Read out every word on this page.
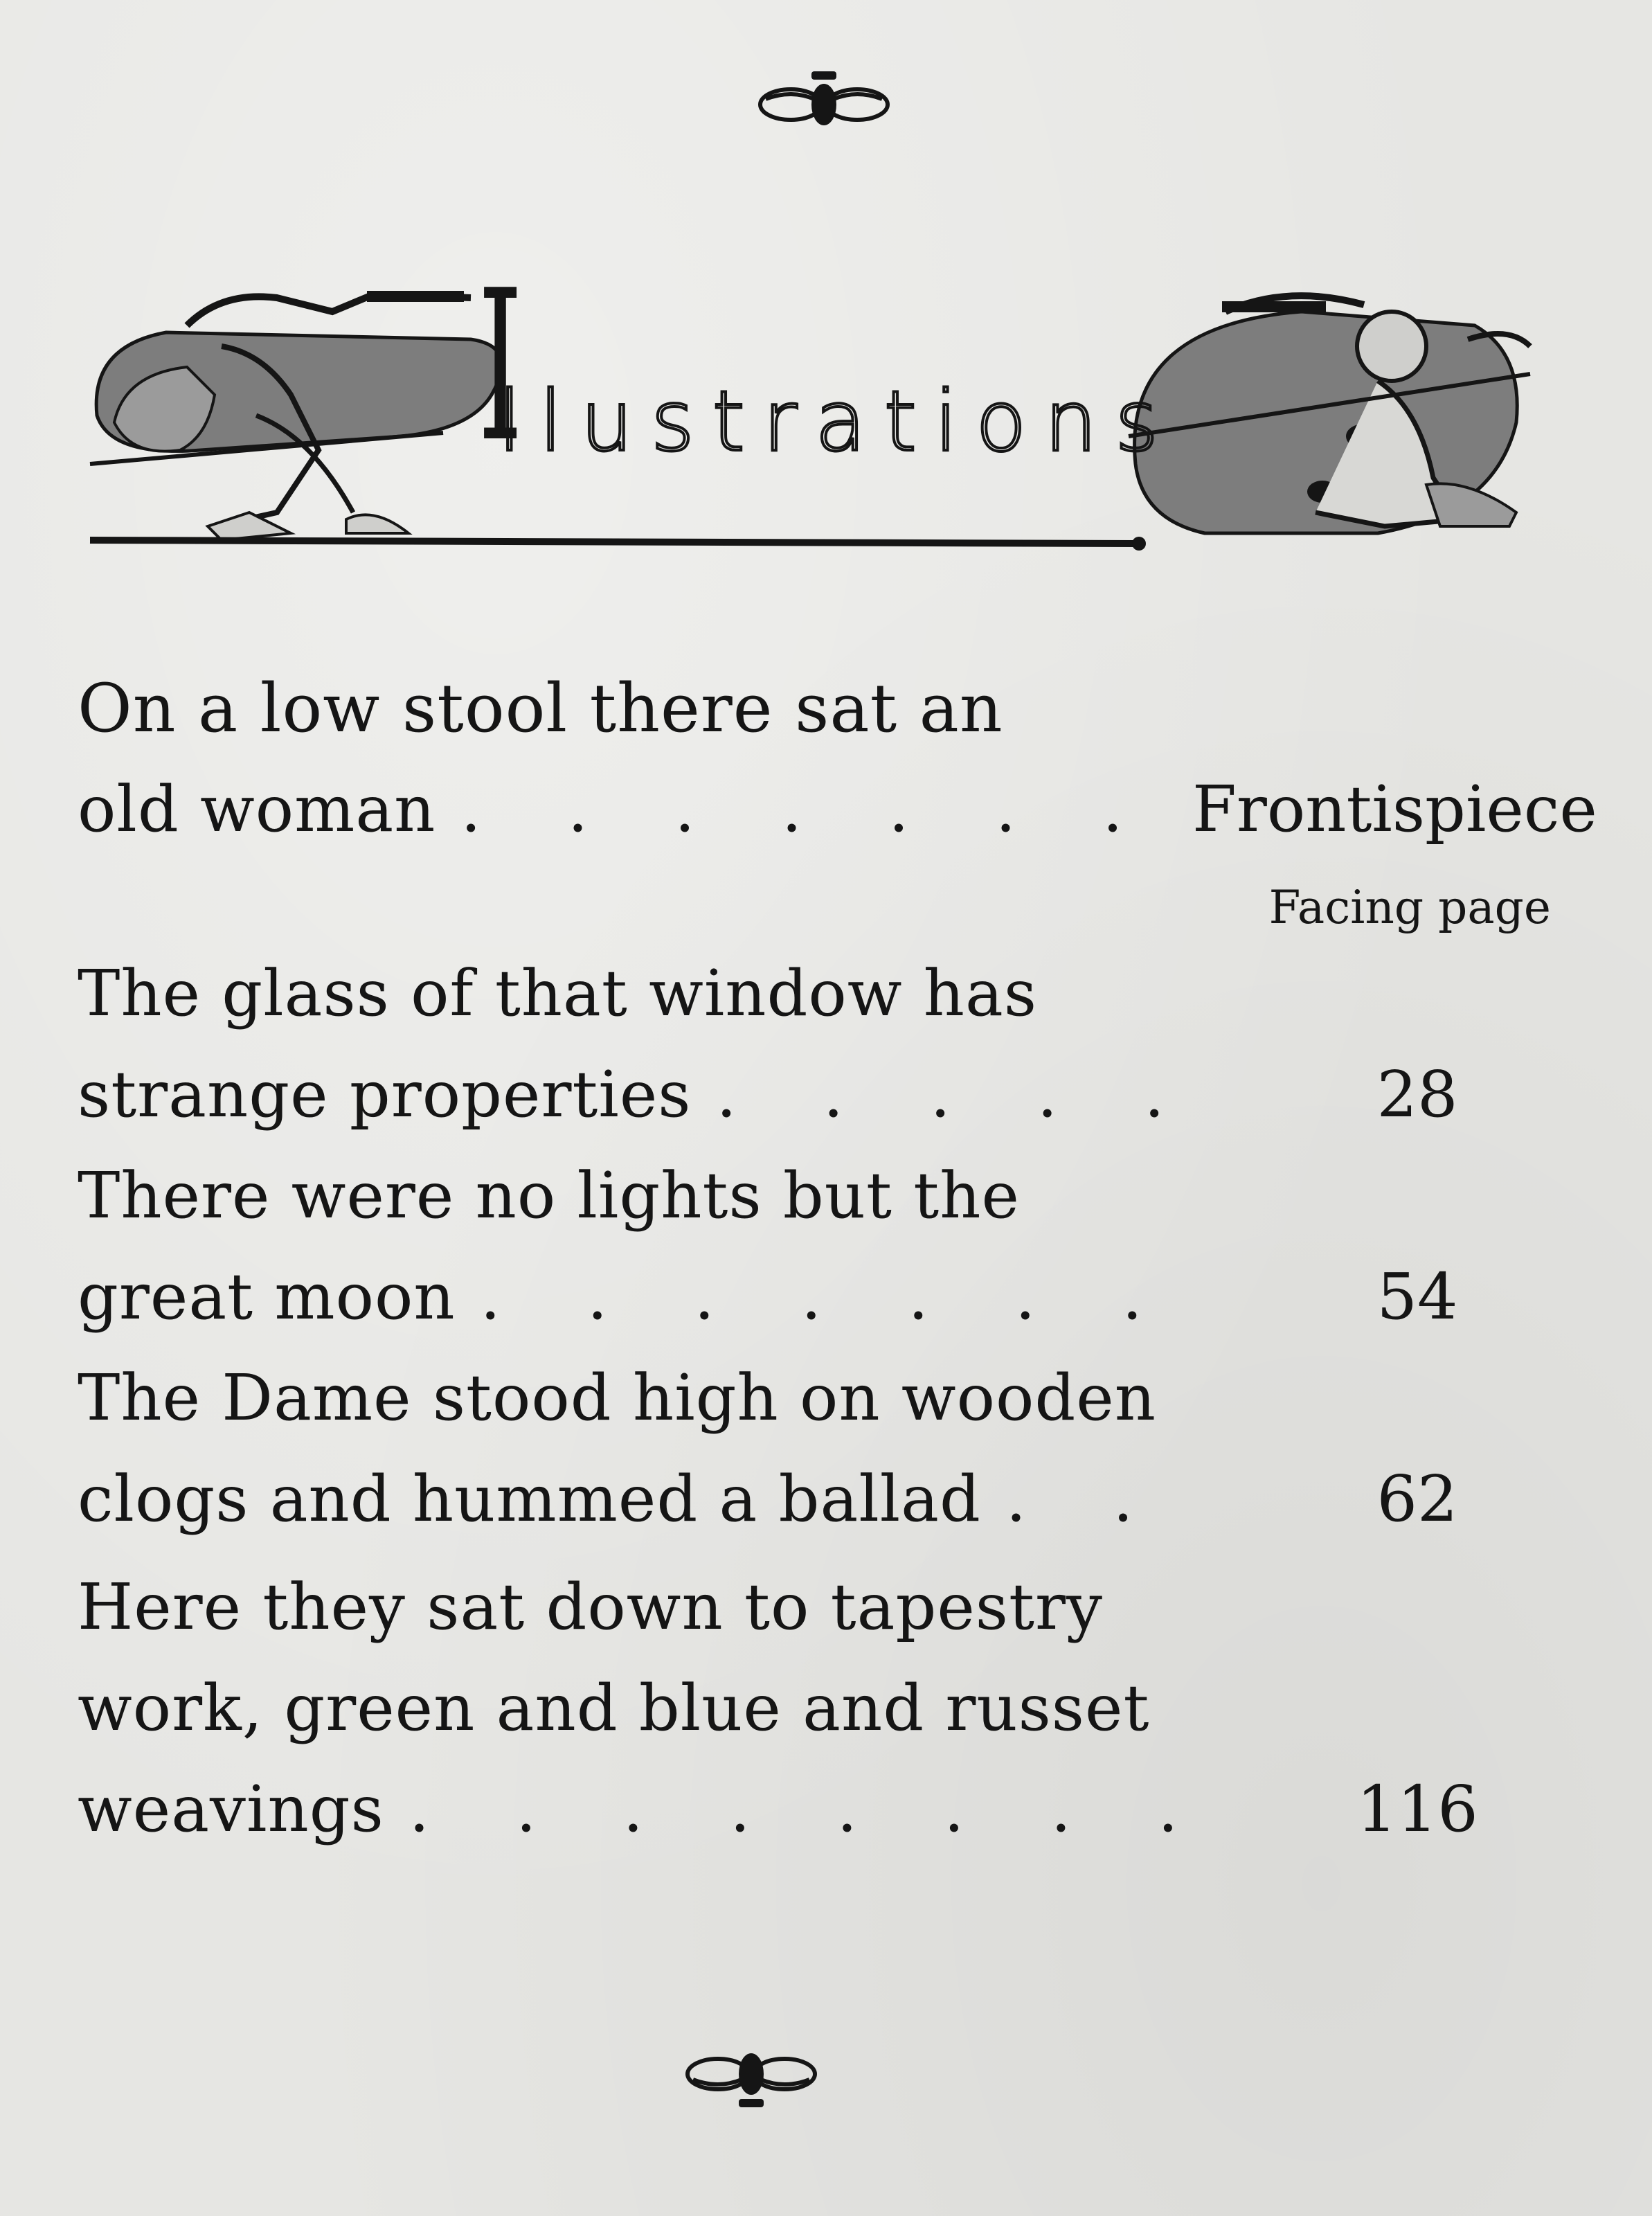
I
llustrations
On a low stool there sat an
old woman . . . . . . . Frontispiece
Facing page
The glass of that window has
strange properties . . . . .	28
There were no lights but the
great moon . . . . . . .	54
The Dame stood high on wooden
clogs and hummed a ballad . .	62
Here they sat down to tapestry
work, green and blue and russet
weavings . . . . . . . .	116
